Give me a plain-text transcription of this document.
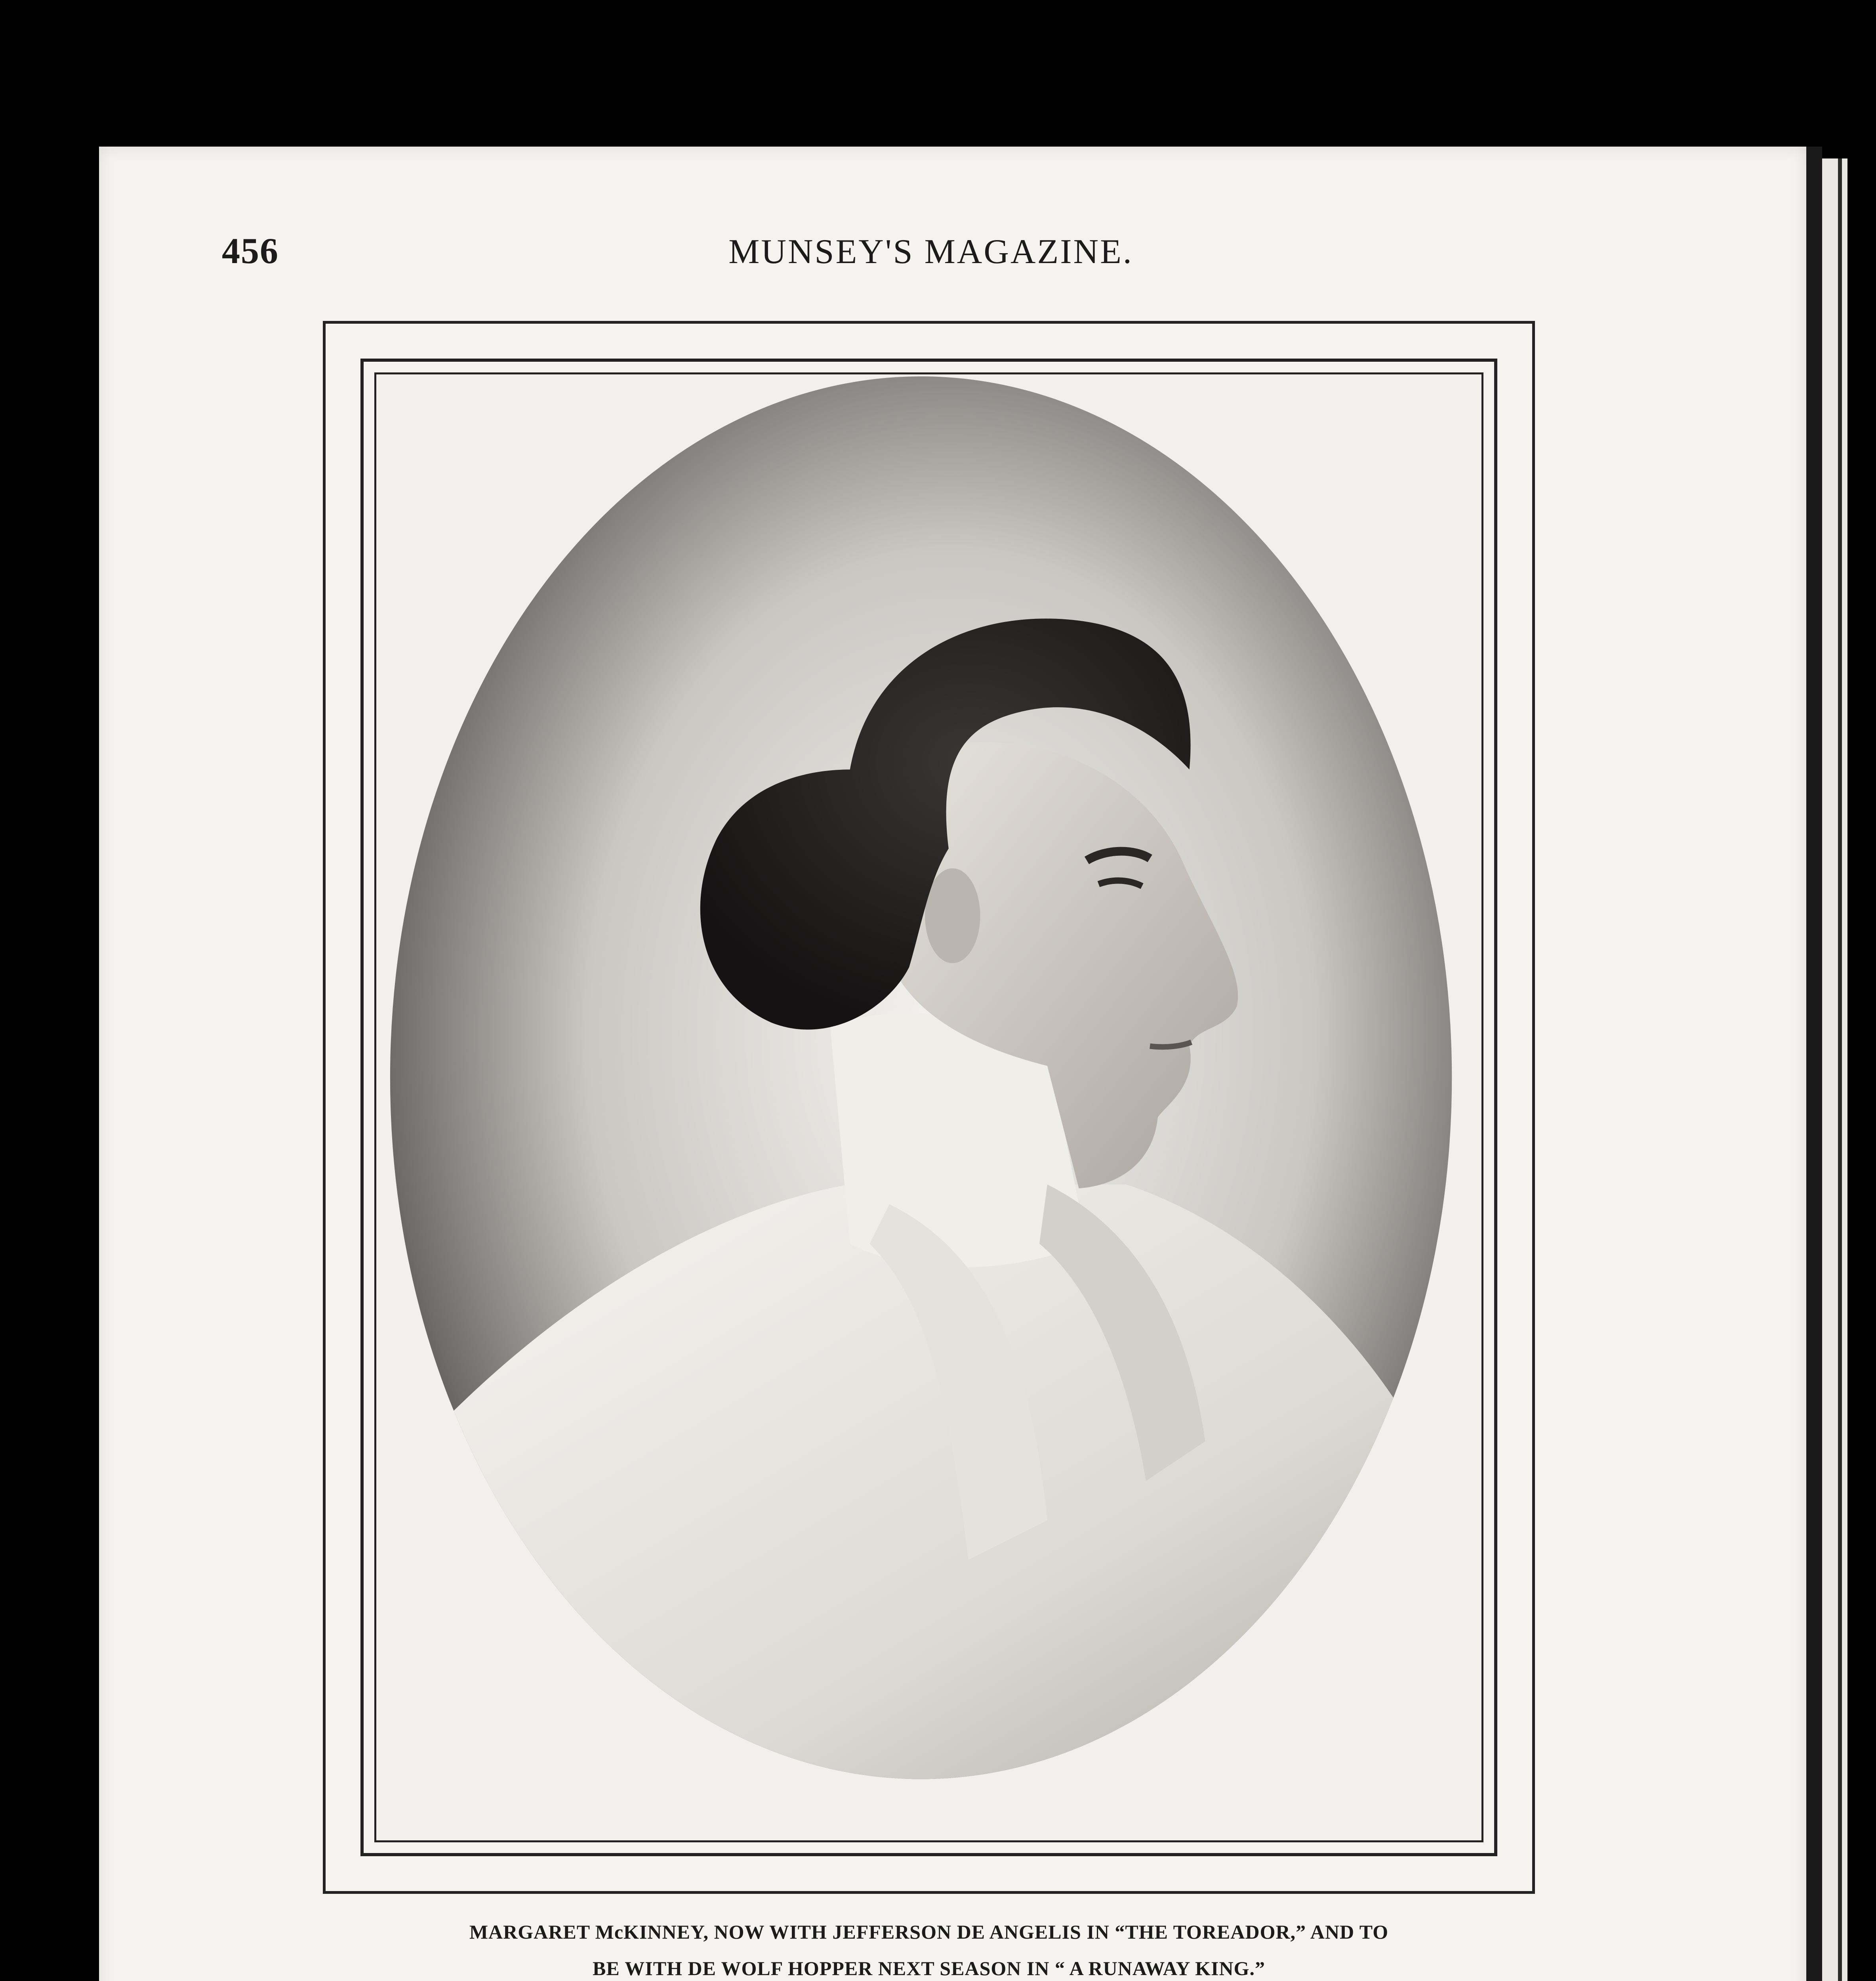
456	MUNSEY'S MAGAZINE.
MARGARET McKINNEY, NOW WITH JEFFERSON DE ANGELIS IN “THE TOREADOR,” AND TO
BE WITH DE WOLF HOPPER NEXT SEASON IN “ A RUNAWAY KING.”
